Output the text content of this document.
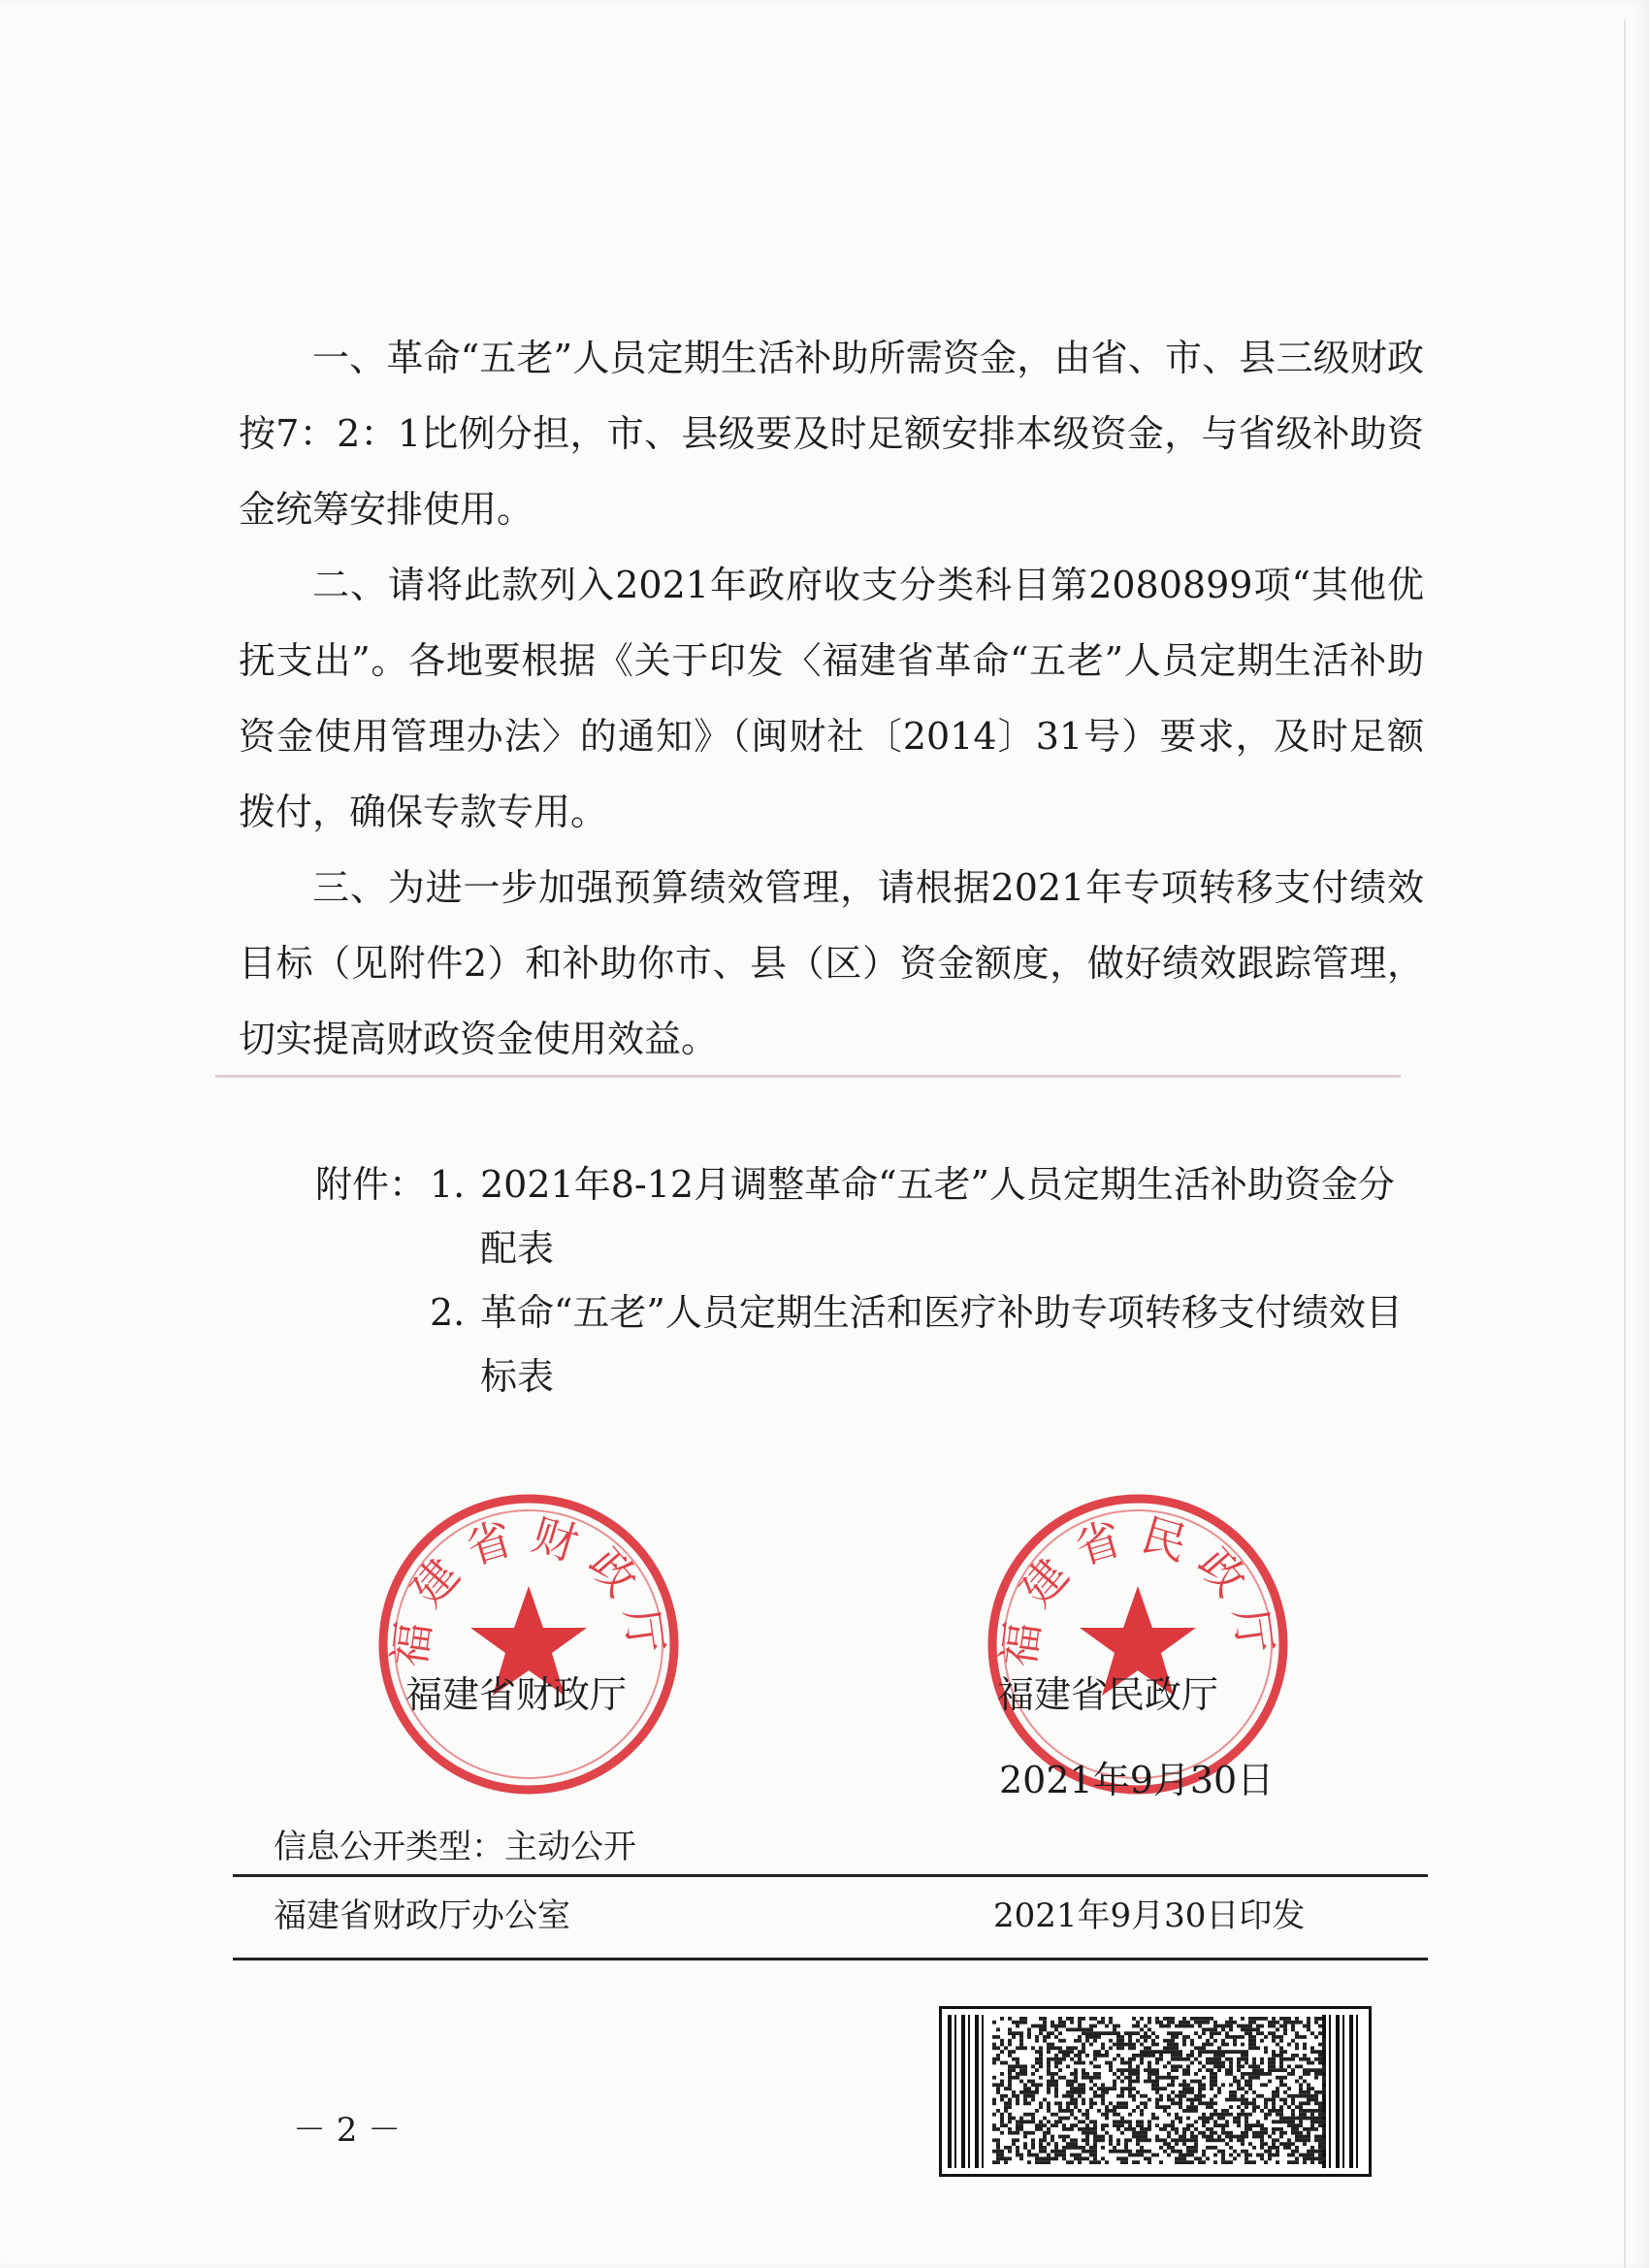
一、革命“五老”人员定期生活补助所需资金，由省、市、县三级财政按7：2：1比例分担，市、县级要及时足额安排本级资金，与省级补助资金统筹安排使用。

二、请将此款列入2021年政府收支分类科目第2080899项“其他优抚支出”。各地要根据《关于印发〈福建省革命“五老”人员定期生活补助资金使用管理办法〉的通知》（闽财社〔2014〕31号）要求，及时足额拨付，确保专款专用。

三、为进一步加强预算绩效管理，请根据2021年专项转移支付绩效目标（见附件2）和补助你市、县（区）资金额度，做好绩效跟踪管理，切实提高财政资金使用效益。

附件： 1. 2021年8-12月调整革命“五老”人员定期生活补助资金分配表
2. 革命“五老”人员定期生活和医疗补助专项转移支付绩效目标表
福建省财政厅	福建省民政厅
福建省财政厅	福建省民政厅
2021年9月30日
信息公开类型：主动公开
福建省财政厅办公室	2021年9月30日印发
－ 2 －
